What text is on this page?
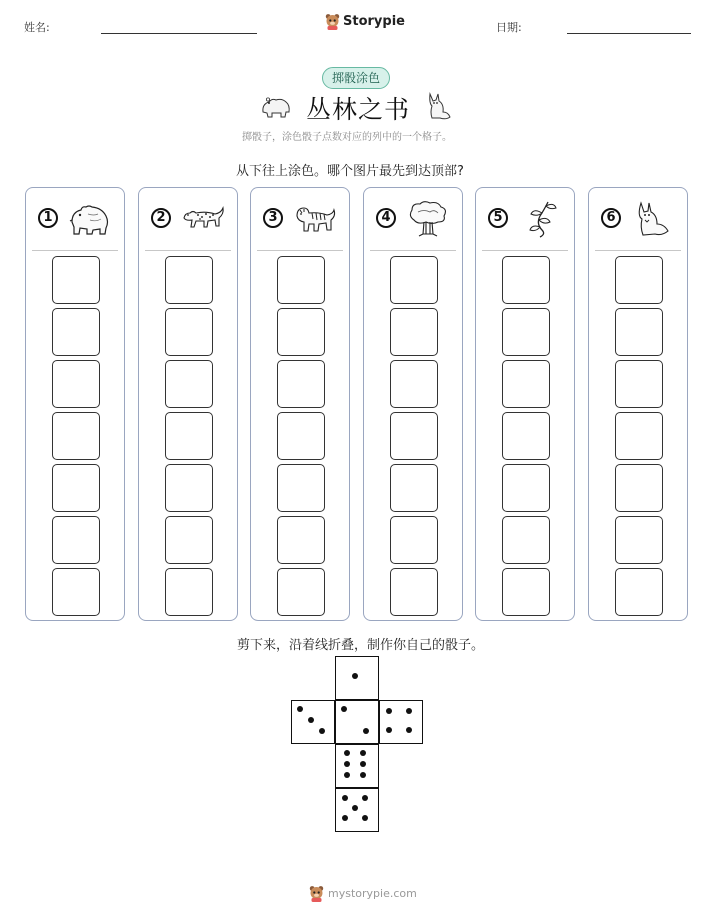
姓名:	Storypie	日期:
掷骰涂色
丛林之书
掷骰子，涂色骰子点数对应的列中的一个格子。
从下往上涂色。哪个图片最先到达顶部?
1	2	3	4	5	6
剪下来，沿着线折叠，制作你自己的骰子。
mystorypie.com
